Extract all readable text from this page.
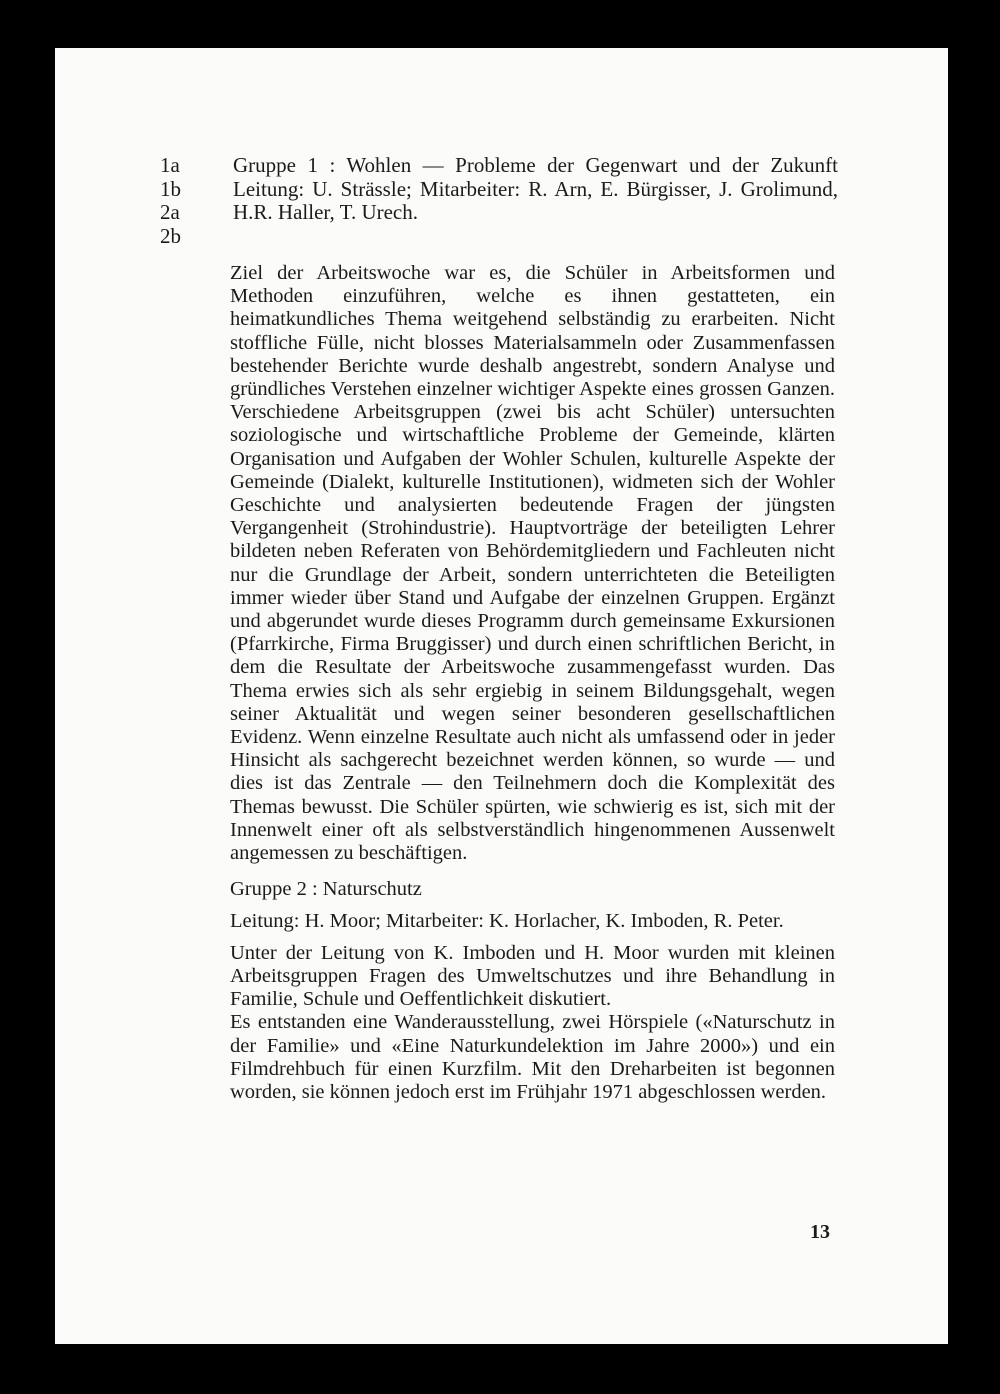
1a
1b
2a
2b
Gruppe 1 : Wohlen — Probleme der Gegenwart und der Zukunft Leitung: U. Strässle; Mitarbeiter: R. Arn, E. Bürgisser, J. Grolimund, H.R. Haller, T. Urech.

Ziel der Arbeitswoche war es, die Schüler in Arbeitsformen und Methoden einzuführen, welche es ihnen gestatteten, ein heimatkundliches Thema weitgehend selbständig zu erarbeiten. Nicht stoffliche Fülle, nicht blosses Materialsammeln oder Zusammenfassen bestehender Berichte wurde deshalb angestrebt, sondern Analyse und gründliches Verstehen einzelner wichtiger Aspekte eines grossen Ganzen. Verschiedene Arbeitsgruppen (zwei bis acht Schüler) untersuchten soziologische und wirtschaftliche Probleme der Gemeinde, klärten Organisation und Aufgaben der Wohler Schulen, kulturelle Aspekte der Gemeinde (Dialekt, kulturelle Institutionen), widmeten sich der Wohler Geschichte und analysierten bedeutende Fragen der jüngsten Vergangenheit (Strohindustrie). Hauptvorträge der beteiligten Lehrer bildeten neben Referaten von Behördemitgliedern und Fachleuten nicht nur die Grundlage der Arbeit, sondern unterrichteten die Beteiligten immer wieder über Stand und Aufgabe der einzelnen Gruppen. Ergänzt und abgerundet wurde dieses Programm durch gemeinsame Exkursionen (Pfarrkirche, Firma Bruggisser) und durch einen schriftlichen Bericht, in dem die Resultate der Arbeitswoche zusammengefasst wurden. Das Thema erwies sich als sehr ergiebig in seinem Bildungsgehalt, wegen seiner Aktualität und wegen seiner besonderen gesellschaftlichen Evidenz. Wenn einzelne Resultate auch nicht als umfassend oder in jeder Hinsicht als sachgerecht bezeichnet werden können, so wurde — und dies ist das Zentrale — den Teilnehmern doch die Komplexität des Themas bewusst. Die Schüler spürten, wie schwierig es ist, sich mit der Innenwelt einer oft als selbstverständlich hingenommenen Aussenwelt angemessen zu beschäftigen.

Gruppe 2 : Naturschutz

Leitung: H. Moor; Mitarbeiter: K. Horlacher, K. Imboden, R. Peter.

Unter der Leitung von K. Imboden und H. Moor wurden mit kleinen Arbeitsgruppen Fragen des Umweltschutzes und ihre Behandlung in Familie, Schule und Oeffentlichkeit diskutiert.

Es entstanden eine Wanderausstellung, zwei Hörspiele («Naturschutz in der Familie» und «Eine Naturkundelektion im Jahre 2000») und ein Filmdrehbuch für einen Kurzfilm. Mit den Dreharbeiten ist begonnen worden, sie können jedoch erst im Frühjahr 1971 abgeschlossen werden.

13
